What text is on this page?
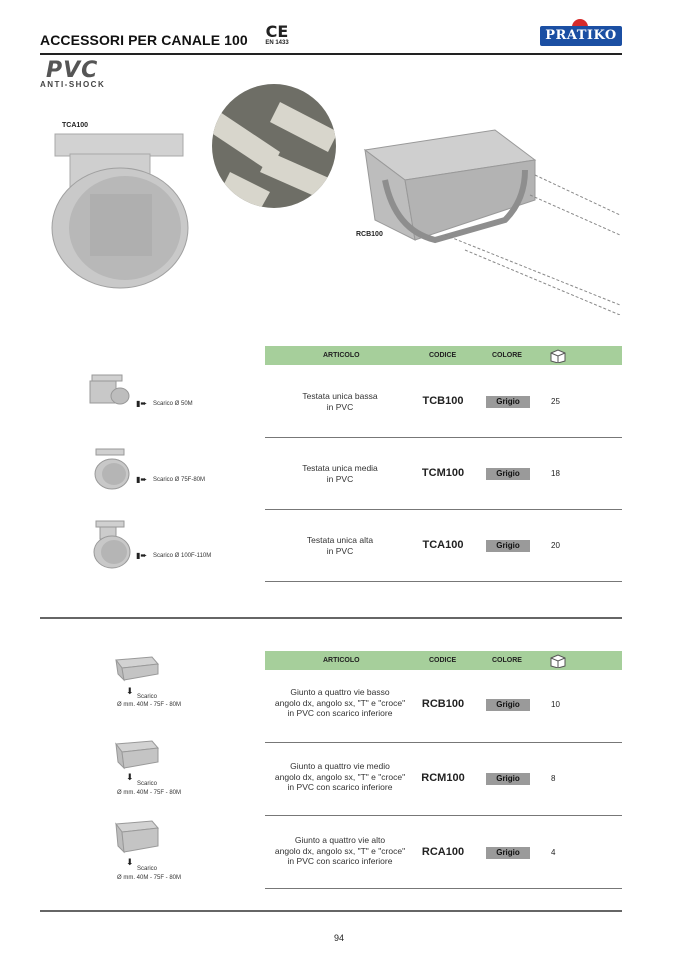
ACCESSORI PER CANALE 100 CE
EN 1433	PRATIKO
PVC
ANTI-SHOCK
TCA100
RCB100
ARTICOLO	CODICE	COLORE
Testata unica bassa
in PVC	TCB100	Grigio	25
Testata unica media
in PVC	TCM100	Grigio	18
Testata unica alta
in PVC	TCA100	Grigio	20
▮➨ Scarico Ø 50M
▮➨ Scarico Ø 75F-80M
▮➨ Scarico Ø 100F-110M
ARTICOLO	CODICE	COLORE
Giunto a quattro vie basso
angolo dx, angolo sx, "T" e "croce"
in PVC con scarico inferiore
RCB100	Grigio	10
Giunto a quattro vie medio
angolo dx, angolo sx, "T" e "croce"
in PVC con scarico inferiore
RCM100	Grigio	8
Giunto a quattro vie alto
angolo dx, angolo sx, "T" e "croce"
in PVC con scarico inferiore
RCA100	Grigio	4
⬇
Scarico
Ø mm. 40M - 75F - 80M
⬇
Scarico
Ø mm. 40M - 75F - 80M
⬇
Scarico
Ø mm. 40M - 75F - 80M
94
